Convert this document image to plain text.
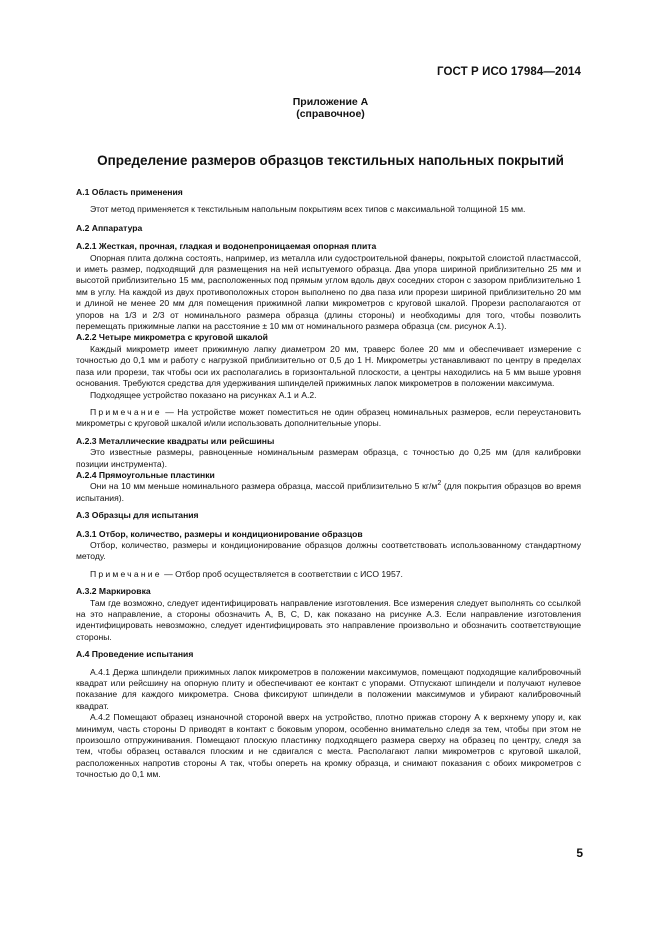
ГОСТ Р ИСО 17984—2014
Приложение А
(справочное)
Определение размеров образцов текстильных напольных покрытий

А.1 Область применения

Этот метод применяется к текстильным напольным покрытиям всех типов с максимальной толщиной 15 мм.

А.2 Аппаратура

А.2.1 Жесткая, прочная, гладкая и водонепроницаемая опорная плита

Опорная плита должна состоять, например, из металла или судостроительной фанеры, покрытой слоистой пластмассой, и иметь размер, подходящий для размещения на ней испытуемого образца. Два упора шириной приблизительно 25 мм и высотой приблизительно 15 мм, расположенных под прямым углом вдоль двух соседних сторон с зазором приблизительно 1 мм в углу. На каждой из двух противоположных сторон выполнено по два паза или прорези шириной приблизительно 20 мм и длиной не менее 20 мм для помещения прижимной лапки микрометров с круговой шкалой. Прорези располагаются от упоров на 1/3 и 2/3 от номинального размера образца (длины стороны) и необходимы для того, чтобы позволить перемещать прижимные лапки на расстояние ± 10 мм от номинального размера образца (см. рисунок А.1).

А.2.2 Четыре микрометра с круговой шкалой

Каждый микрометр имеет прижимную лапку диаметром 20 мм, траверс более 20 мм и обеспечивает измерение с точностью до 0,1 мм и работу с нагрузкой приблизительно от 0,5 до 1 Н. Микрометры устанавливают по центру в пределах паза или прорези, так чтобы оси их располагались в горизонтальной плоскости, а центры находились на 5 мм выше уровня основания. Требуются средства для удерживания шпинделей прижимных лапок микрометров в положении максимума.

Подходящее устройство показано на рисунках А.1 и А.2.

Примечание — На устройстве может поместиться не один образец номинальных размеров, если переустановить микрометры с круговой шкалой и/или использовать дополнительные упоры.

А.2.3 Металлические квадраты или рейсшины

Это известные размеры, равноценные номинальным размерам образца, с точностью до 0,25 мм (для калибровки позиции инструмента).

А.2.4 Прямоугольные пластинки

Они на 10 мм меньше номинального размера образца, массой приблизительно 5 $кг/м^2$ (для покрытия образцов во время испытания).

А.3 Образцы для испытания

А.3.1 Отбор, количество, размеры и кондиционирование образцов

Отбор, количество, размеры и кондиционирование образцов должны соответствовать использованному стандартному методу.

Примечание — Отбор проб осуществляется в соответствии с ИСО 1957.

А.3.2 Маркировка

Там где возможно, следует идентифицировать направление изготовления. Все измерения следует выполнять со ссылкой на это направление, а стороны обозначить А, В, С, D, как показано на рисунке А.3. Если направление изготовления идентифицировать невозможно, следует идентифицировать это направление произвольно и обозначить соответствующие стороны.

А.4 Проведение испытания

А.4.1 Держа шпиндели прижимных лапок микрометров в положении максимумов, помещают подходящие калибровочный квадрат или рейсшину на опорную плиту и обеспечивают ее контакт с упорами. Отпускают шпиндели и получают нулевое показание для каждого микрометра. Снова фиксируют шпиндели в положении максимумов и убирают калибровочный квадрат.

А.4.2 Помещают образец изнаночной стороной вверх на устройство, плотно прижав сторону А к верхнему упору и, как минимум, часть стороны D приводят в контакт с боковым упором, особенно внимательно следя за тем, чтобы при этом не произошло отпружинивания. Помещают плоскую пластинку подходящего размера сверху на образец по центру, следя за тем, чтобы образец оставался плоским и не сдвигался с места. Располагают лапки микрометров с круговой шкалой, расположенных напротив стороны А так, чтобы опереть на кромку образца, и снимают показания с обоих микрометров с точностью до 0,1 мм.

5
